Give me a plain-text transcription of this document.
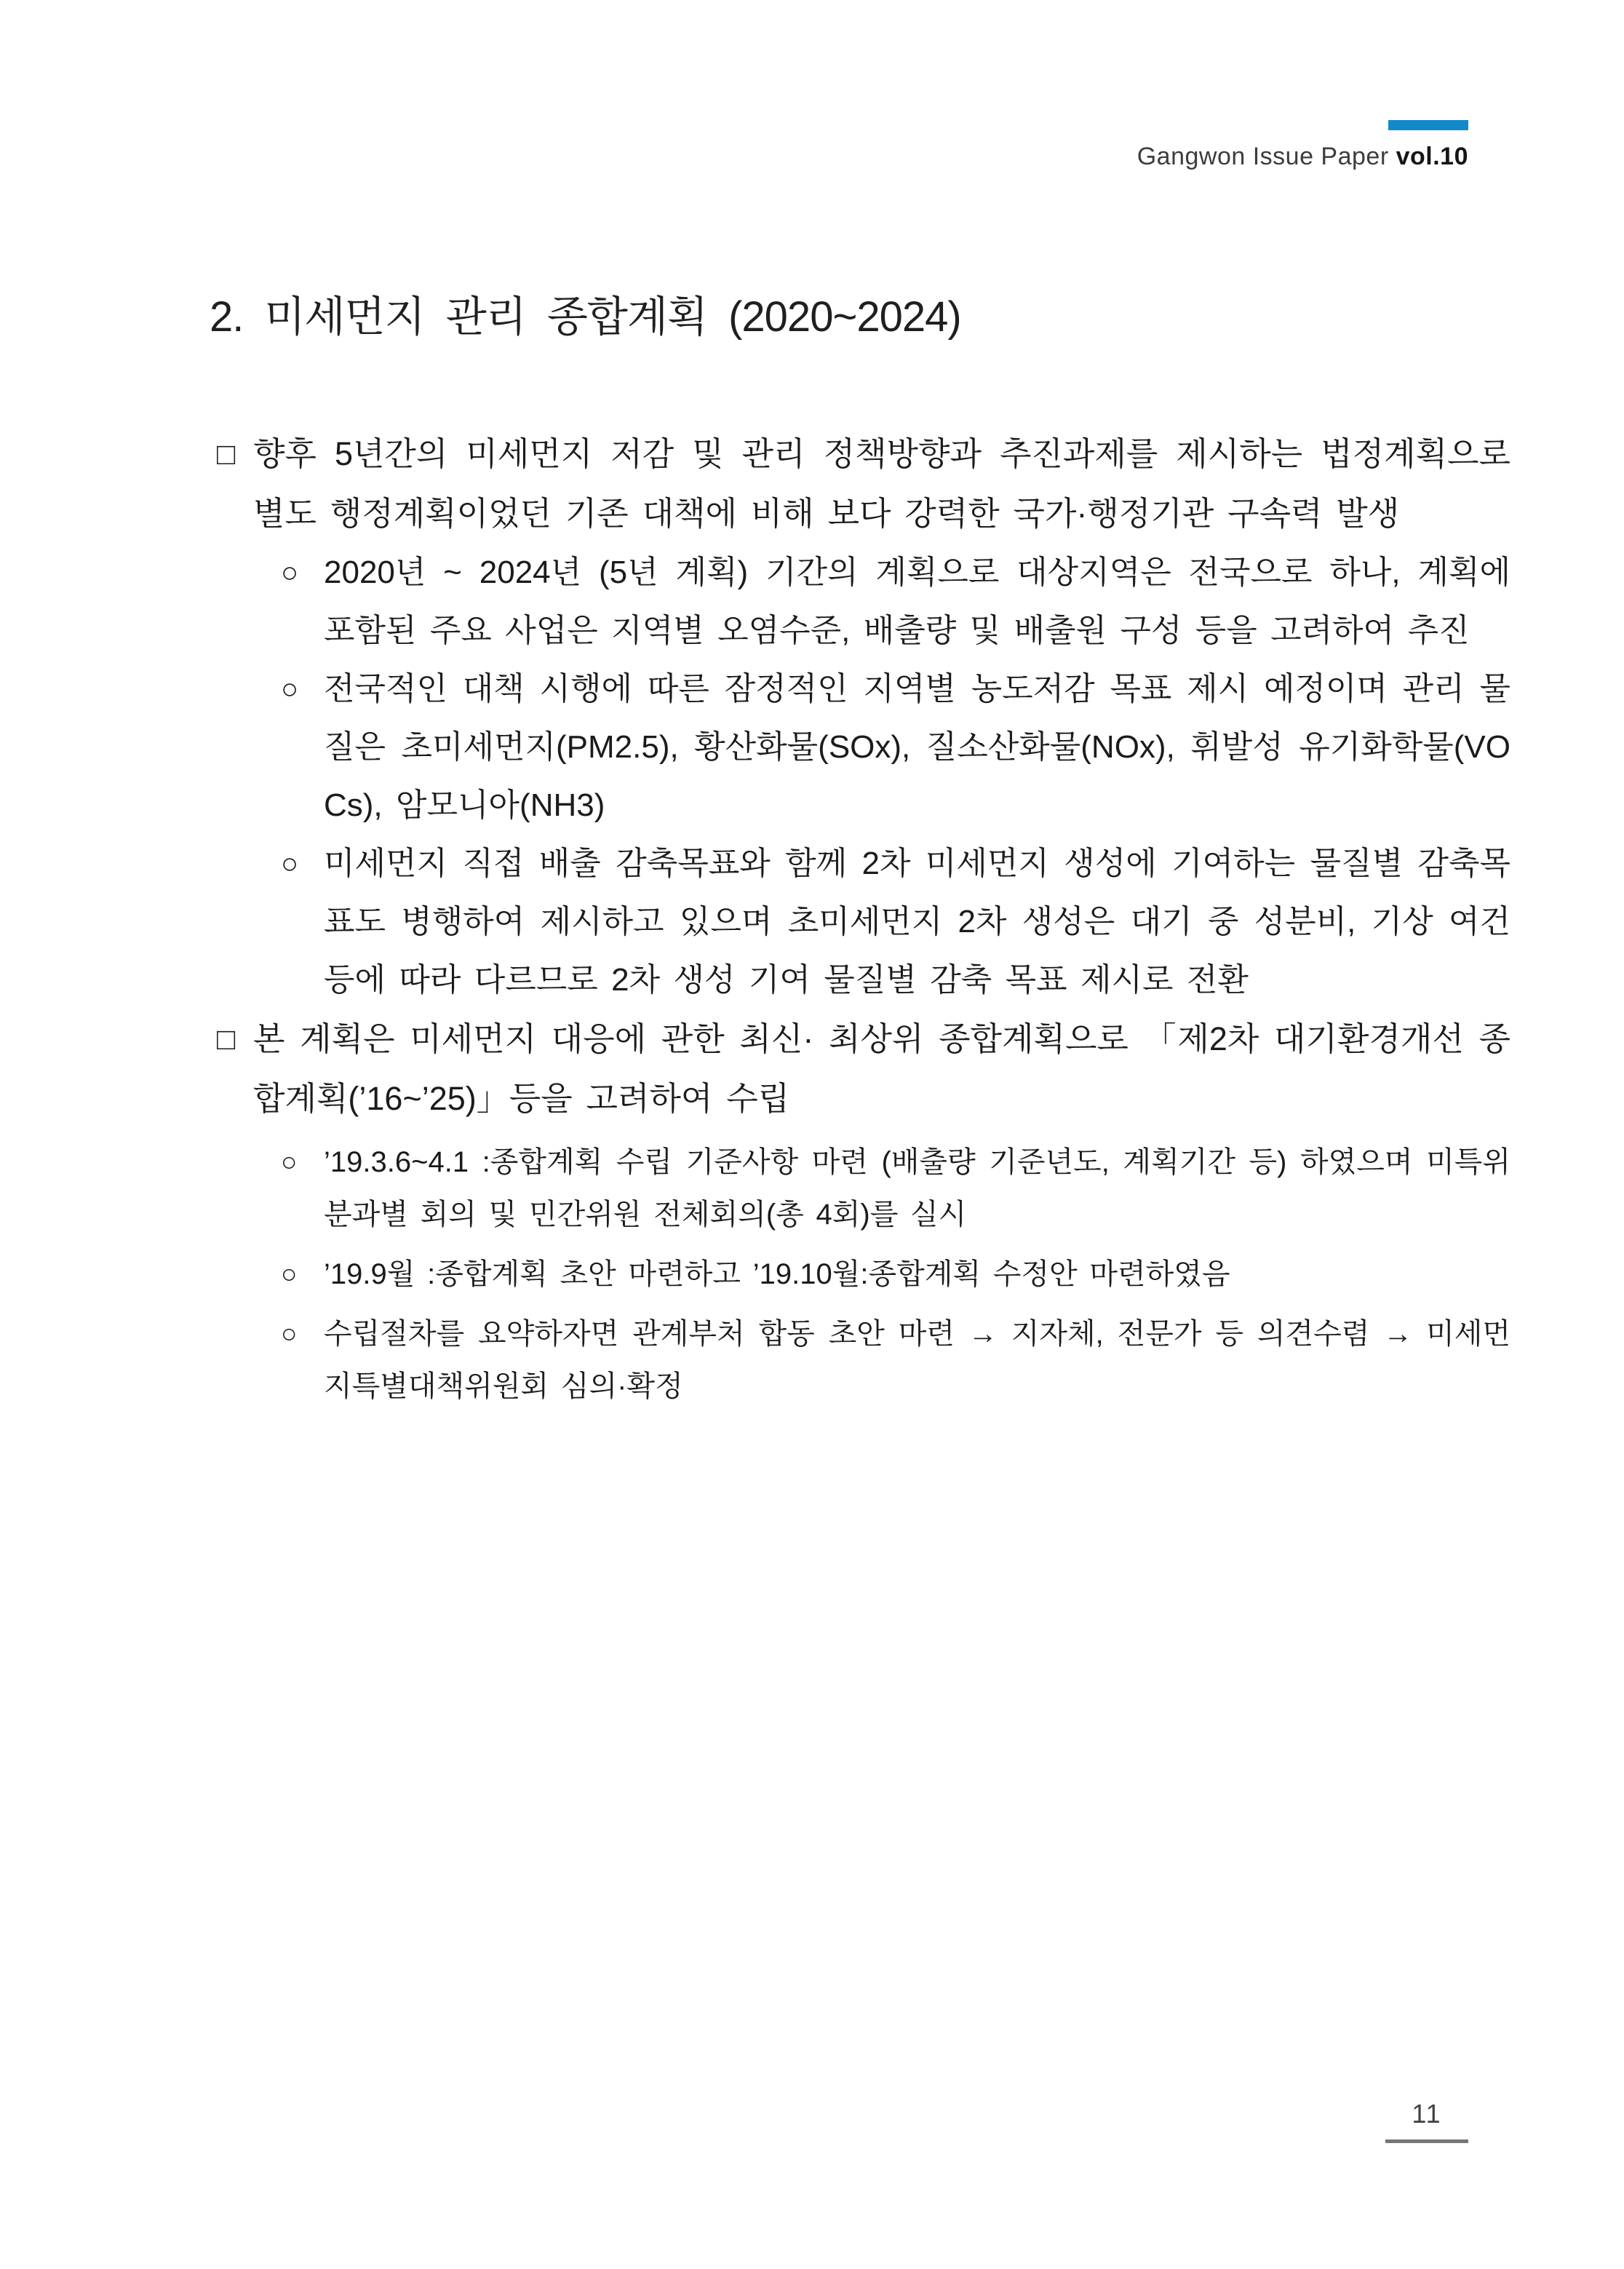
Gangwon Issue Paper vol.10
2. 미세먼지 관리 종합계획 (2020~2024)
□ 향후 5년간의 미세먼지 저감 및 관리 정책방향과 추진과제를 제시하는 법정계획으로 별도 행정계획이었던 기존 대책에 비해 보다 강력한 국가·행정기관 구속력 발생

○ 2020년 ~ 2024년 (5년 계획) 기간의 계획으로 대상지역은 전국으로 하나, 계획에 포함된 주요 사업은 지역별 오염수준, 배출량 및 배출원 구성 등을 고려하여 추진

○ 전국적인 대책 시행에 따른 잠정적인 지역별 농도저감 목표 제시 예정이며 관리 물질은 초미세먼지(PM2.5), 황산화물(SOx), 질소산화물(NOx), 휘발성 유기화학물(VOCs), 암모니아(NH3)

○ 미세먼지 직접 배출 감축목표와 함께 2차 미세먼지 생성에 기여하는 물질별 감축목표도 병행하여 제시하고 있으며 초미세먼지 2차 생성은 대기 중 성분비, 기상 여건 등에 따라 다르므로 2차 생성 기여 물질별 감축 목표 제시로 전환

□ 본 계획은 미세먼지 대응에 관한 최신· 최상위 종합계획으로 「제2차 대기환경개선 종합계획(’16~’25)」등을 고려하여 수립

○ ’19.3.6~4.1 :종합계획 수립 기준사항 마련 (배출량 기준년도, 계획기간 등) 하였으며 미특위 분과별 회의 및 민간위원 전체회의(총 4회)를 실시

○ ’19.9월 :종합계획 초안 마련하고 ’19.10월:종합계획 수정안 마련하였음

○ 수립절차를 요약하자면 관계부처 합동 초안 마련 → 지자체, 전문가 등 의견수렴 → 미세먼지특별대책위원회 심의·확정

11
